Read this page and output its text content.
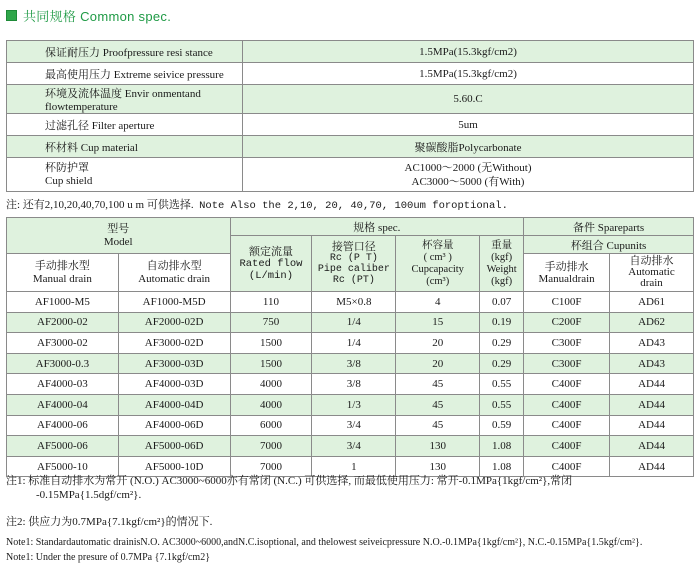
共同规格 Common spec.
保证耐压力 Proofpressure resi stance	1.5MPa(15.3kgf/cm2)
最高使用压力 Extreme seivice pressure	1.5MPa(15.3kgf/cm2)
环境及流体温度 Envir onmentand flowtemperature	5.60.C
过滤孔径 Filter aperture	5um
杯材料 Cup material	聚碳酸脂Polycarbonate

杯防护罩
Cup shield	AC1000～2000 (无Without)
AC3000～5000 (有With)
注: 还有2,10,20,40,70,100 u m 可供选择. Note Also the 2,10, 20, 40,70, 100um foroptional.
型号
Model		规格 spec.				备件 Spareparts	

		额定流量
Rated flow
(L/min)	接管口径
Rc (P T)
Pipe caliber
Rc (PT)	杯容量
( cm³ )
Cupcapacity
(cm³)	重量
(kgf)
Weight
(kgf)	杯组合 Cupunits	

手动排水型
Manual drain	自动排水型
Automatic drain					手动排水
Manualdrain	自动排水
Automatic
drain

AF1000-M5	AF1000-M5D	110	M5×0.8	4	0.07	C100F	AD61
AF2000-02	AF2000-02D	750	1/4	15	0.19	C200F	AD62
AF3000-02	AF3000-02D	1500	1/4	20	0.29	C300F	AD43
AF3000-0.3	AF3000-03D	1500	3/8	20	0.29	C300F	AD43
AF4000-03	AF4000-03D	4000	3/8	45	0.55	C400F	AD44
AF4000-04	AF4000-04D	4000	1/3	45	0.55	C400F	AD44
AF4000-06	AF4000-06D	6000	3/4	45	0.59	C400F	AD44
AF5000-06	AF5000-06D	7000	3/4	130	1.08	C400F	AD44
AF5000-10	AF5000-10D	7000	1	130	1.08	C400F	AD44
注1: 标准自动排水为常开 (N.O.) AC3000~6000亦有常闭 (N.C.) 可供选择, 而最低使用压力: 常开-0.1MPa{1kgf/cm²},常闭
-0.15MPa{1.5dgf/cm²}.
注2: 供应力为0.7MPa{7.1kgf/cm²}的情况下.
Note1: Standardautomatic drainisN.O. AC3000~6000,andN.C.isoptional, and thelowest seiveicpressure N.O.-0.1MPa{1kgf/cm²}, N.C.-0.15MPa{1.5kgf/cm²}.
Note1: Under the presure of 0.7MPa {7.1kgf/cm2}
